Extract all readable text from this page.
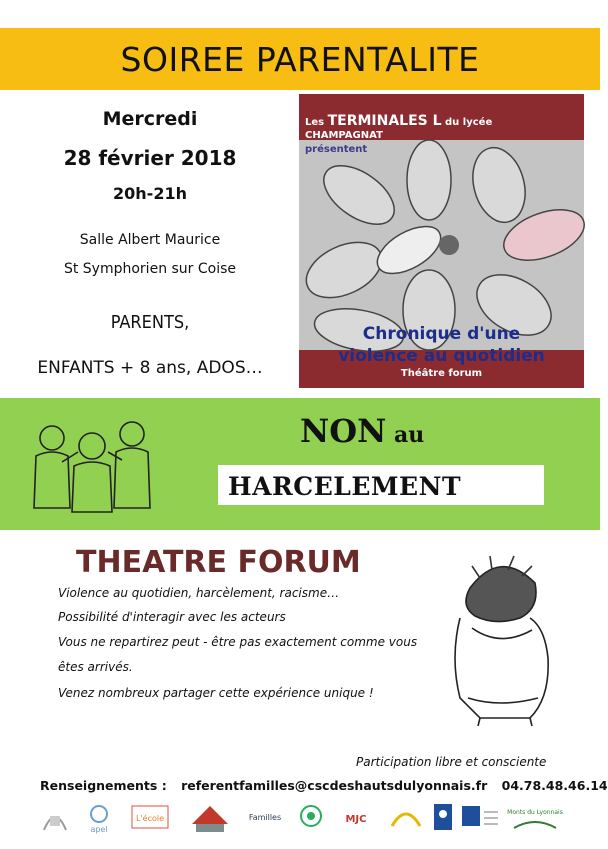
SOIREE PARENTALITE
Mercredi
28 février 2018
20h-21h
Salle Albert Maurice
St Symphorien sur Coise
PARENTS,
ENFANTS + 8 ans, ADOS…
Les TERMINALES L du lycée
CHAMPAGNAT
présentent
Chronique d'une
violence au quotidien
Théâtre forum
NON au
HARCELEMENT
THEATRE FORUM
Violence au quotidien, harcèlement, racisme…
Possibilité d'interagir avec les acteurs
Vous ne repartirez peut - être pas exactement comme vous
êtes arrivés.
Venez nombreux partager cette expérience unique !
Participation libre et consciente
Renseignements : referentfamilles@cscdeshautsdulyonnais.fr 04.78.48.46.14
apel
L'école	Familles	MJC
Monts du Lyonnais
